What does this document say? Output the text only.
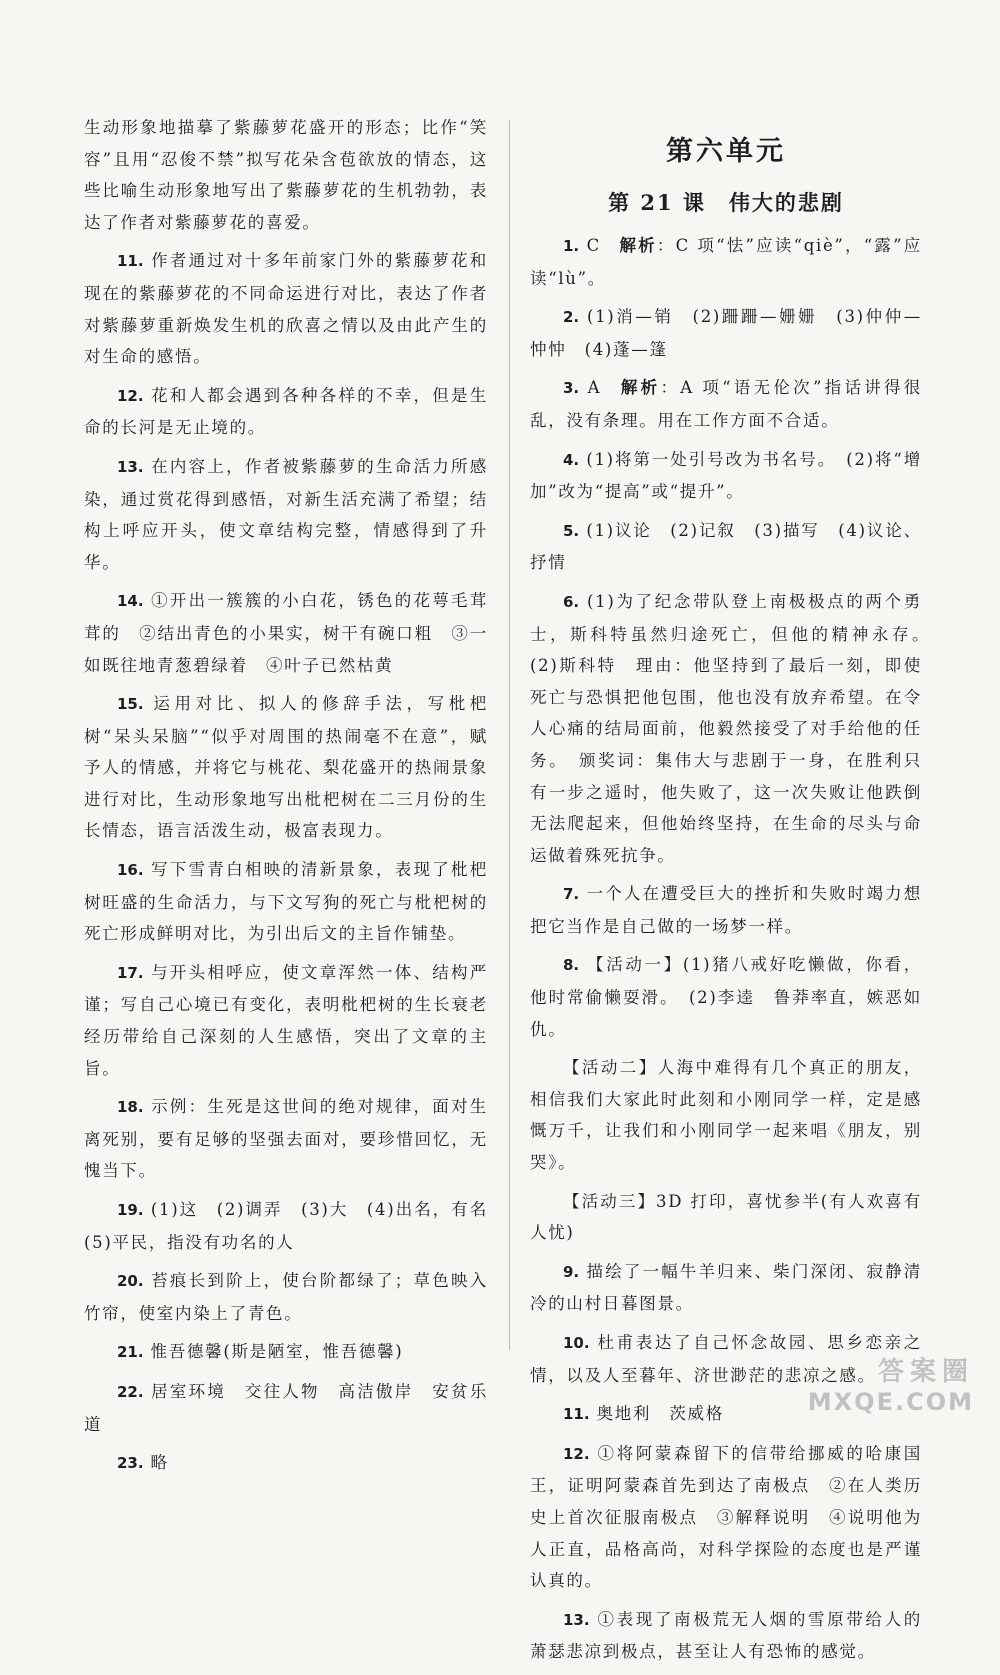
生动形象地描摹了紫藤萝花盛开的形态；比作“笑容”且用“忍俊不禁”拟写花朵含苞欲放的情态，这些比喻生动形象地写出了紫藤萝花的生机勃勃，表达了作者对紫藤萝花的喜爱。

11. 作者通过对十多年前家门外的紫藤萝花和现在的紫藤萝花的不同命运进行对比，表达了作者对紫藤萝重新焕发生机的欣喜之情以及由此产生的对生命的感悟。

12. 花和人都会遇到各种各样的不幸，但是生命的长河是无止境的。

13. 在内容上，作者被紫藤萝的生命活力所感染，通过赏花得到感悟，对新生活充满了希望；结构上呼应开头，使文章结构完整，情感得到了升华。

14. ①开出一簇簇的小白花，锈色的花萼毛茸茸的　②结出青色的小果实，树干有碗口粗　③一如既往地青葱碧绿着　④叶子已然枯黄

15. 运用对比、拟人的修辞手法，写枇杷树“呆头呆脑”“似乎对周围的热闹毫不在意”，赋予人的情感，并将它与桃花、梨花盛开的热闹景象进行对比，生动形象地写出枇杷树在二三月份的生长情态，语言活泼生动，极富表现力。

16. 写下雪青白相映的清新景象，表现了枇杷树旺盛的生命活力，与下文写狗的死亡与枇杷树的死亡形成鲜明对比，为引出后文的主旨作铺垫。

17. 与开头相呼应，使文章浑然一体、结构严谨；写自己心境已有变化，表明枇杷树的生长衰老经历带给自己深刻的人生感悟，突出了文章的主旨。

18. 示例：生死是这世间的绝对规律，面对生离死别，要有足够的坚强去面对，要珍惜回忆，无愧当下。

19. (1)这　(2)调弄　(3)大　(4)出名，有名　(5)平民，指没有功名的人

20. 苔痕长到阶上，使台阶都绿了；草色映入竹帘，使室内染上了青色。

21. 惟吾德馨(斯是陋室，惟吾德馨)

22. 居室环境　交往人物　高洁傲岸　安贫乐道

23. 略

第六单元
第 21 课　伟大的悲剧

1. C 解析：C 项“怯”应读“qiè”，“露”应读“lù”。

2. (1)消—销　(2)跚跚—姗姗　(3)仲仲—忡忡　(4)蓬—篷

3. A 解析：A 项“语无伦次”指话讲得很乱，没有条理。用在工作方面不合适。

4. (1)将第一处引号改为书名号。　(2)将“增加”改为“提高”或“提升”。

5. (1)议论　(2)记叙　(3)描写　(4)议论、抒情

6. (1)为了纪念带队登上南极极点的两个勇士，斯科特虽然归途死亡，但他的精神永存。　(2)斯科特　理由：他坚持到了最后一刻，即使死亡与恐惧把他包围，他也没有放弃希望。在令人心痛的结局面前，他毅然接受了对手给他的任务。　颁奖词：集伟大与悲剧于一身，在胜利只有一步之遥时，他失败了，这一次失败让他跌倒无法爬起来，但他始终坚持，在生命的尽头与命运做着殊死抗争。

7. 一个人在遭受巨大的挫折和失败时竭力想把它当作是自己做的一场梦一样。

8. 【活动一】(1)猪八戒好吃懒做，你看，他时常偷懒耍滑。　(2)李逵　鲁莽率直，嫉恶如仇。

【活动二】人海中难得有几个真正的朋友，相信我们大家此时此刻和小刚同学一样，定是感慨万千，让我们和小刚同学一起来唱《朋友，别哭》。

【活动三】3D 打印，喜忧参半(有人欢喜有人忧)

9. 描绘了一幅牛羊归来、柴门深闭、寂静清冷的山村日暮图景。

10. 杜甫表达了自己怀念故园、思乡恋亲之情，以及人至暮年、济世渺茫的悲凉之感。

11. 奥地利　茨威格

12. ①将阿蒙森留下的信带给挪威的哈康国王，证明阿蒙森首先到达了南极点　②在人类历史上首次征服南极点　③解释说明　④说明他为人正直，品格高尚，对科学探险的态度也是严谨认真的。

13. ①表现了南极荒无人烟的雪原带给人的萧瑟悲凉到极点，甚至让人有恐怖的感觉。

答案圈
MXQE.COM
